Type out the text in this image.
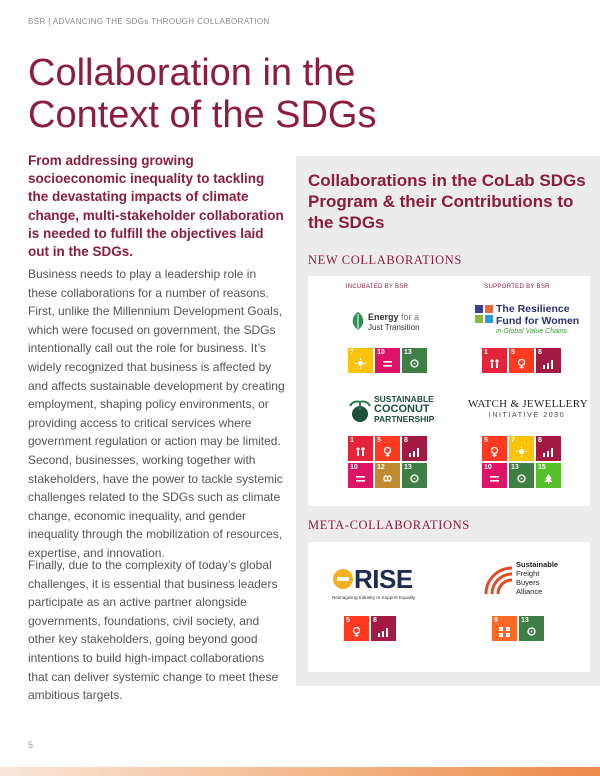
BSR | ADVANCING THE SDGs THROUGH COLLABORATION
Collaboration in the
Context of the SDGs

From addressing growing socioeconomic inequality to tackling the devastating impacts of climate change, multi-stakeholder collaboration is needed to fulfill the objectives laid out in the SDGs.

Business needs to play a leadership role in these collaborations for a number of reasons. First, unlike the Millennium Development Goals, which were focused on government, the SDGs intentionally call out the role for business. It’s widely recognized that business is affected by and affects sustainable development by creating employment, shaping policy environments, or providing access to critical services where government regulation or action may be limited. Second, businesses, working together with stakeholders, have the power to tackle systemic challenges related to the SDGs such as climate change, economic inequality, and gender inequality through the mobilization of resources, expertise, and innovation.

Finally, due to the complexity of today’s global challenges, it is essential that business leaders participate as an active partner alongside governments, foundations, civil society, and other key stakeholders, going beyond good intentions to build high-impact collaborations that can deliver systemic change to meet these ambitious targets.

5
Collaborations in the CoLab SDGs Program & their Contributions to the SDGs
NEW COLLABORATIONS
INCUBATED BY BSR	SUPPORTED BY BSR
Energy for a
Just Transition
The Resilience
Fund for Women
in Global Value Chains
7	10	13	1	5	8
SUSTAINABLE
COCONUT
PARTNERSHIP
WATCH & JEWELLERY
INITIATIVE 2030
1	5	8
10	12	13
5	7	8
10	13	15
META-COLLABORATIONS
RISE
Reimagining Industry to Support Equality
Sustainable
Freight
Buyers
Alliance
5	8	9	13
